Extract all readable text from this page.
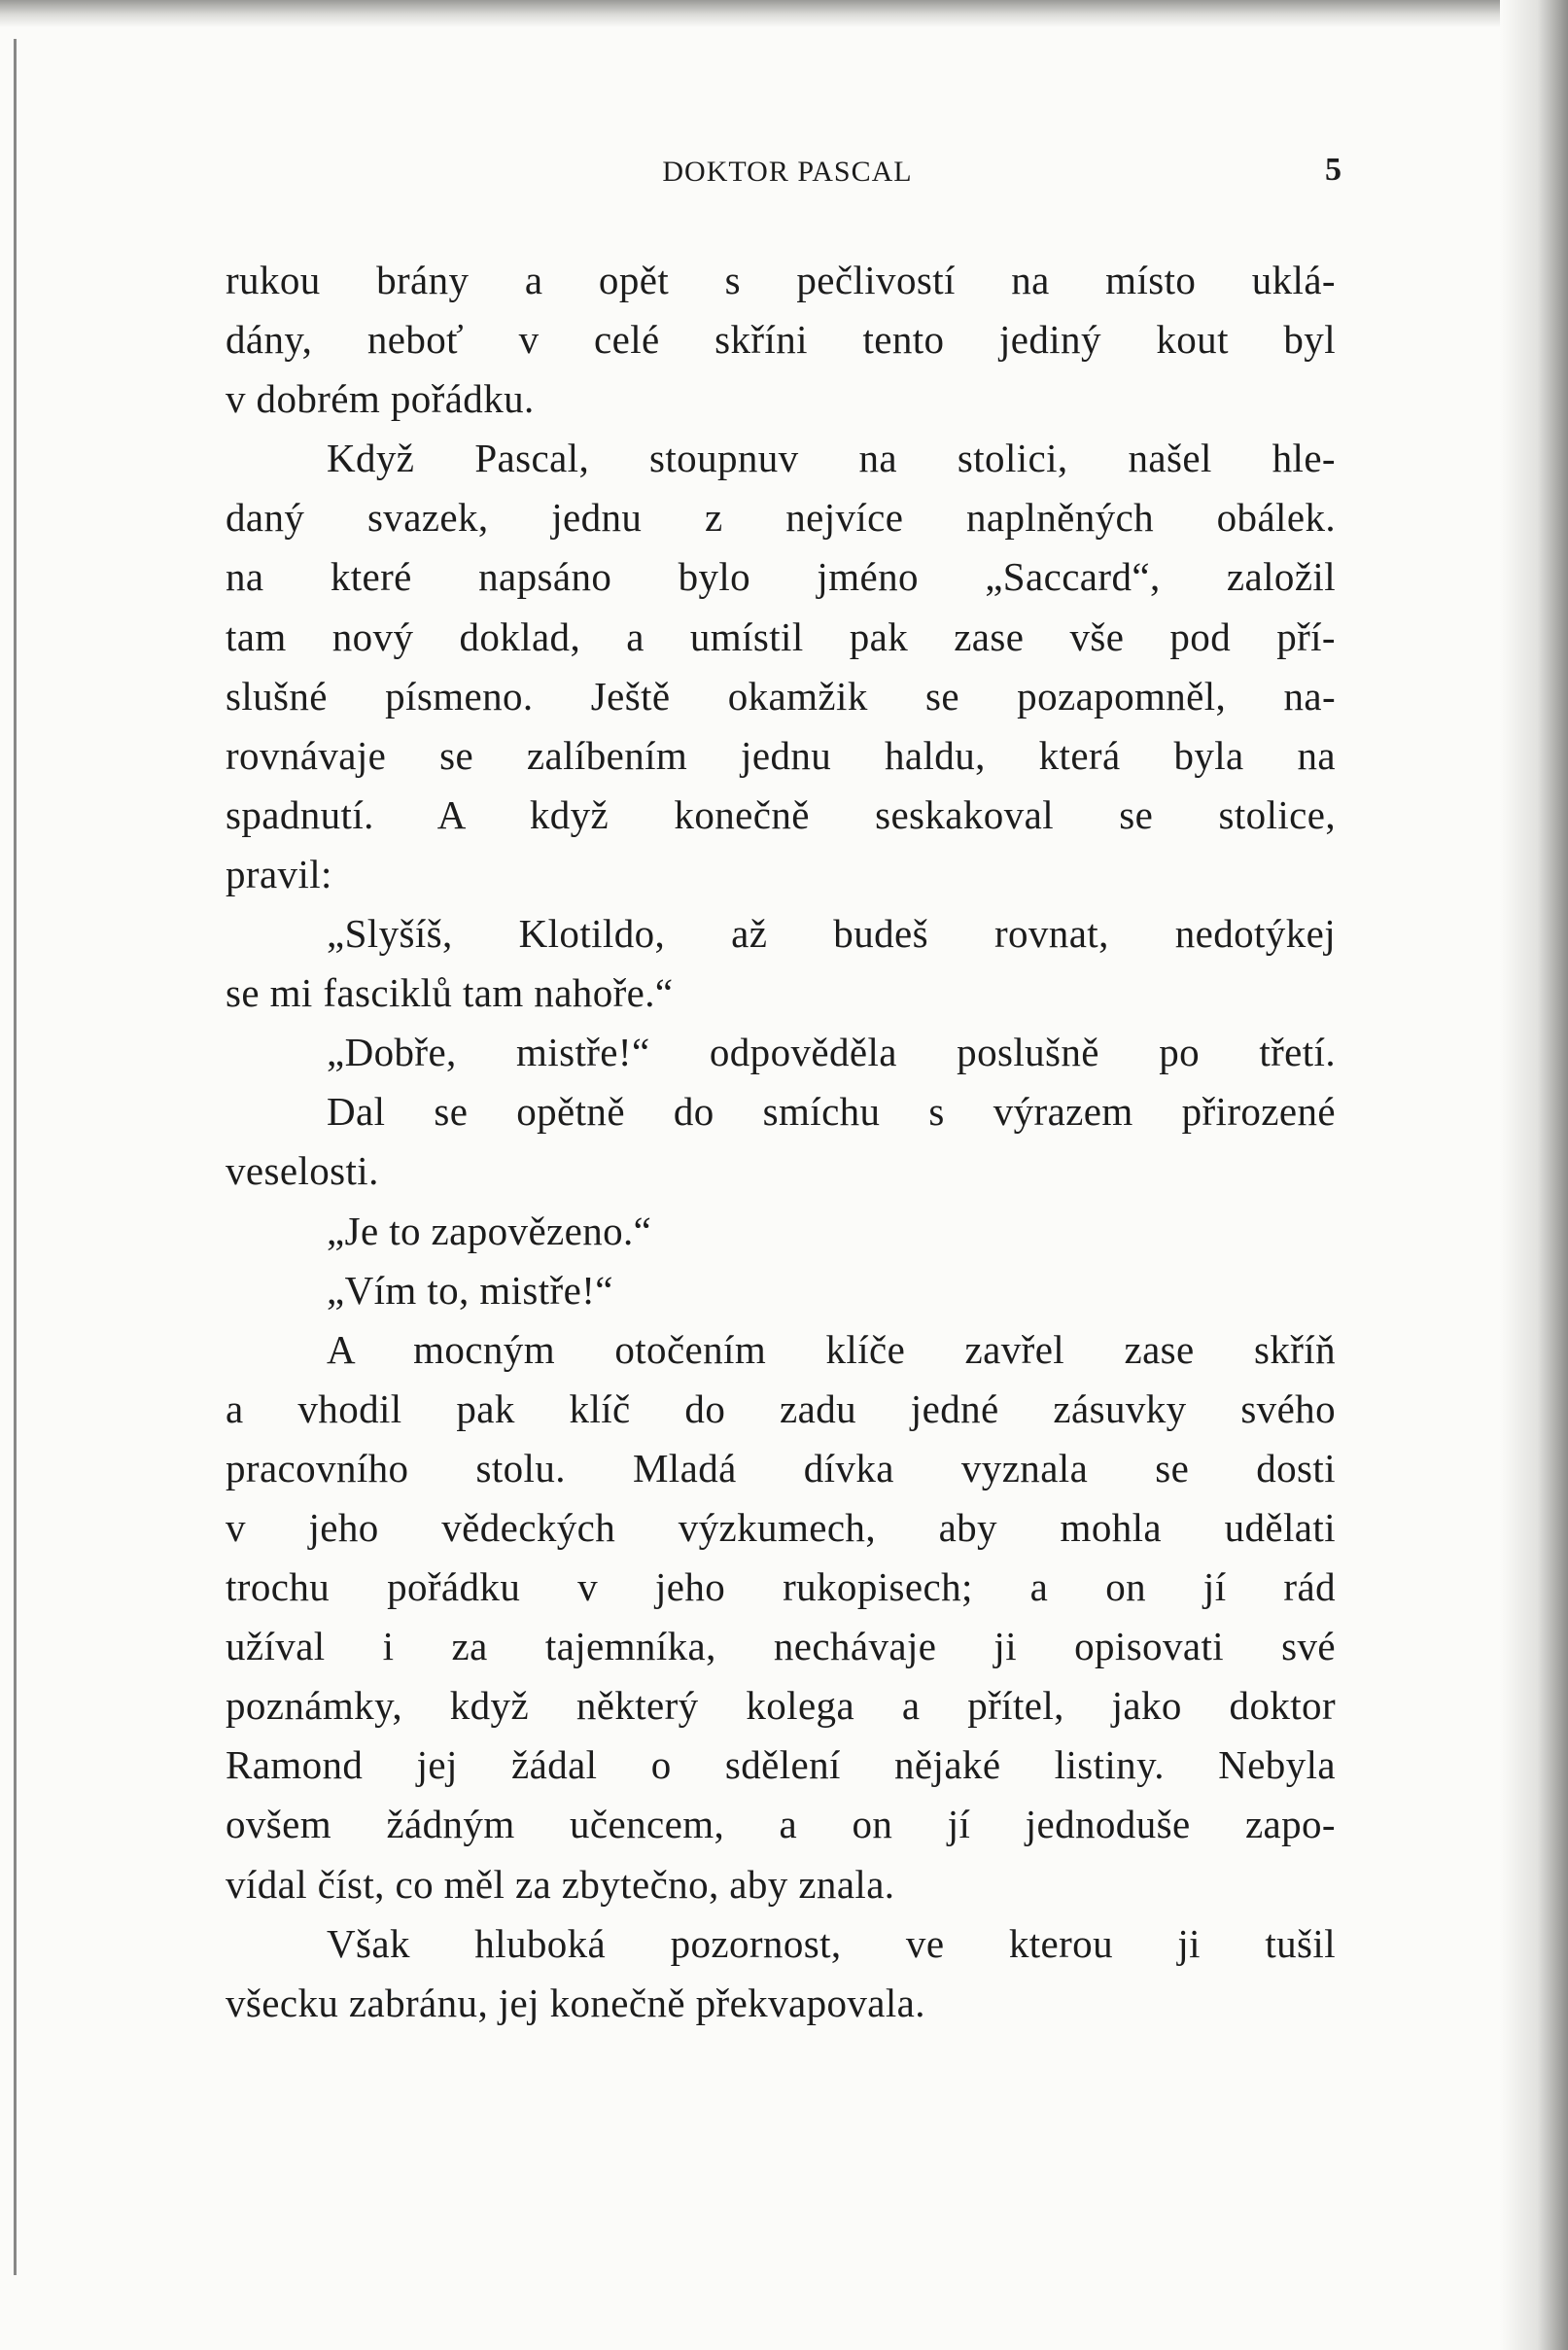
DOKTOR PASCAL	5
rukou brány a opět s pečlivostí na místo uklá-
dány, neboť v celé skříni tento jediný kout byl
v dobrém pořádku.
Když Pascal, stoupnuv na stolici, našel hle-
daný svazek, jednu z nejvíce naplněných obálek.
na které napsáno bylo jméno „Saccard“, založil
tam nový doklad, a umístil pak zase vše pod pří-
slušné písmeno. Ještě okamžik se pozapomněl, na-
rovnávaje se zalíbením jednu haldu, která byla na
spadnutí. A když konečně seskakoval se stolice,
pravil:
„Slyšíš, Klotildo, až budeš rovnat, nedotýkej
se mi fasciklů tam nahoře.“
„Dobře, mistře!“ odpověděla poslušně po třetí.
Dal se opětně do smíchu s výrazem přirozené
veselosti.
„Je to zapovězeno.“
„Vím to, mistře!“
A mocným otočením klíče zavřel zase skříň
a vhodil pak klíč do zadu jedné zásuvky svého
pracovního stolu. Mladá dívka vyznala se dosti
v jeho vědeckých výzkumech, aby mohla udělati
trochu pořádku v jeho rukopisech; a on jí rád
užíval i za tajemníka, nechávaje ji opisovati své
poznámky, když některý kolega a přítel, jako doktor
Ramond jej žádal o sdělení nějaké listiny. Nebyla
ovšem žádným učencem, a on jí jednoduše zapo-
vídal číst, co měl za zbytečno, aby znala.
Však hluboká pozornost, ve kterou ji tušil
všecku zabránu, jej konečně překvapovala.
